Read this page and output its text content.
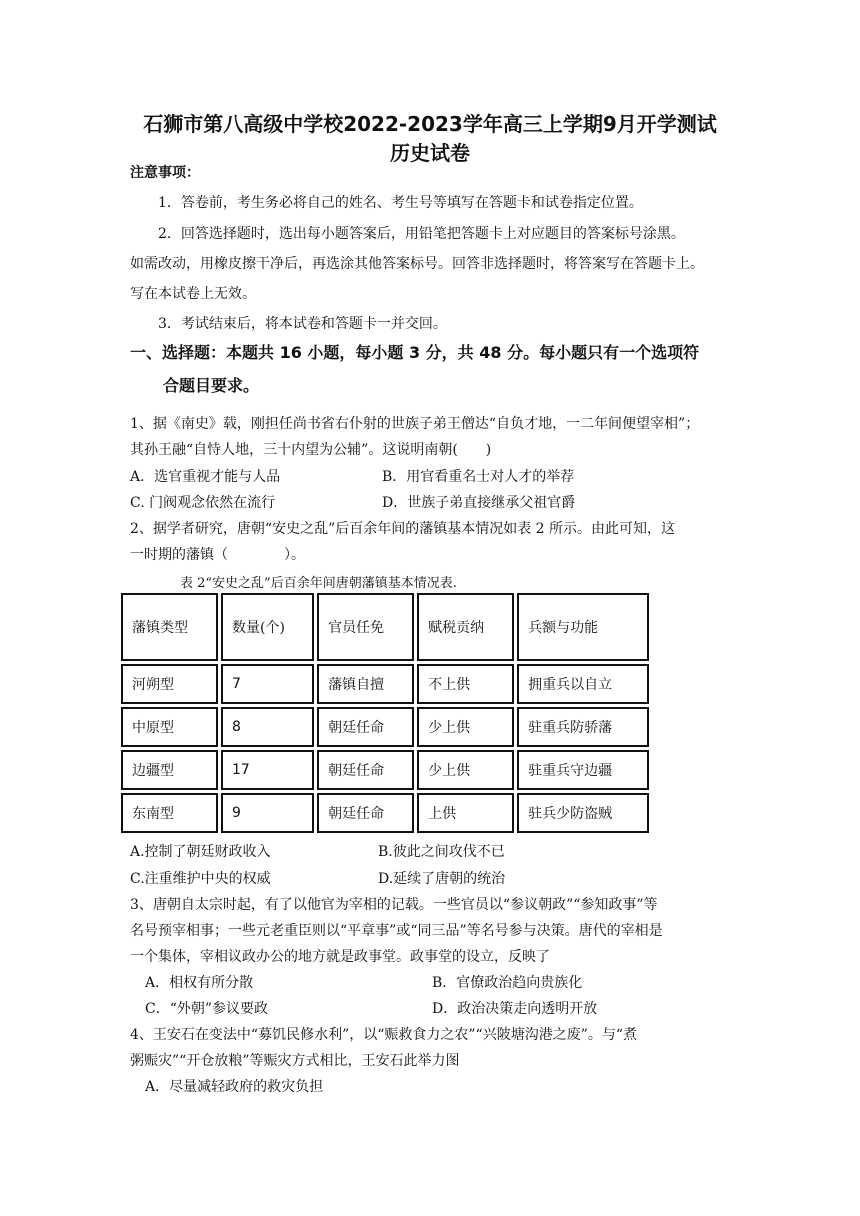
石狮市第八高级中学校2022-2023学年高三上学期9月开学测试
历史试卷
注意事项：
1．答卷前，考生务必将自己的姓名、考生号等填写在答题卡和试卷指定位置。
2．回答选择题时，选出每小题答案后，用铅笔把答题卡上对应题目的答案标号涂黑。
如需改动，用橡皮擦干净后，再选涂其他答案标号。回答非选择题时，将答案写在答题卡上。
写在本试卷上无效。
3．考试结束后，将本试卷和答题卡一并交回。
一、选择题：本题共 16 小题，每小题 3 分，共 48 分。每小题只有一个选项符
合题目要求。
1、据《南史》载，刚担任尚书省右仆射的世族子弟王僧达“自负才地，一二年间便望宰相”；
其孙王融“自恃人地，三十内望为公辅”。这说明南朝(　　)
A．选官重视才能与人品	B．用官看重名士对人才的举荐
C. 门阀观念依然在流行	D．世族子弟直接继承父祖官爵
2、据学者研究，唐朝“安史之乱”后百余年间的藩镇基本情况如表 2 所示。由此可知，这
一时期的藩镇（　　　　）。
表 2“安史之乱”后百余年间唐朝藩镇基本情况表.
藩镇类型	数量(个)	官员任免	赋税贡纳	兵额与功能
河朔型	7	藩镇自擅	不上供	拥重兵以自立
中原型	8	朝廷任命	少上供	驻重兵防骄藩
边疆型	17	朝廷任命	少上供	驻重兵守边疆
东南型	9	朝廷任命	上供	驻兵少防盗贼
A.控制了朝廷财政收入	B.彼此之间攻伐不已
C.注重维护中央的权威	D.延续了唐朝的统治
3、唐朝自太宗时起，有了以他官为宰相的记载。一些官员以“参议朝政”“参知政事”等
名号预宰相事；一些元老重臣则以“平章事”或“同三品”等名号参与决策。唐代的宰相是
一个集体，宰相议政办公的地方就是政事堂。政事堂的设立，反映了
A．相权有所分散	B．官僚政治趋向贵族化
C．“外朝”参议要政	D．政治决策走向透明开放
4、王安石在变法中“募饥民修水利”，以“赈救食力之农”“兴陂塘沟港之废”。与“煮
粥赈灾”“开仓放粮”等赈灾方式相比，王安石此举力图
A．尽量减轻政府的救灾负担
